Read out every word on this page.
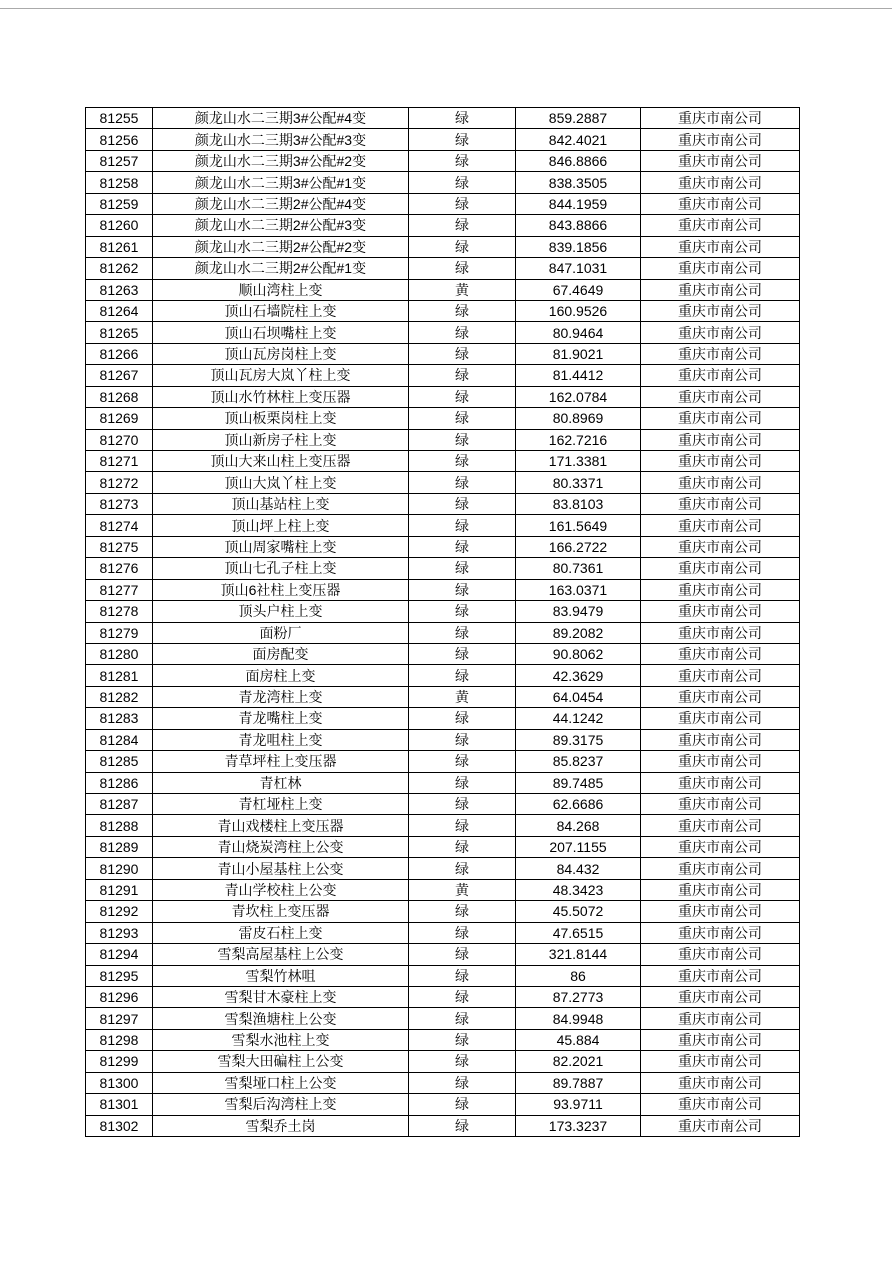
81255	颜龙山水二三期3#公配#4变	绿	859.2887	重庆市南公司
81256	颜龙山水二三期3#公配#3变	绿	842.4021	重庆市南公司
81257	颜龙山水二三期3#公配#2变	绿	846.8866	重庆市南公司
81258	颜龙山水二三期3#公配#1变	绿	838.3505	重庆市南公司
81259	颜龙山水二三期2#公配#4变	绿	844.1959	重庆市南公司
81260	颜龙山水二三期2#公配#3变	绿	843.8866	重庆市南公司
81261	颜龙山水二三期2#公配#2变	绿	839.1856	重庆市南公司
81262	颜龙山水二三期2#公配#1变	绿	847.1031	重庆市南公司
81263	顺山湾柱上变	黄	67.4649	重庆市南公司
81264	顶山石墙院柱上变	绿	160.9526	重庆市南公司
81265	顶山石坝嘴柱上变	绿	80.9464	重庆市南公司
81266	顶山瓦房岗柱上变	绿	81.9021	重庆市南公司
81267	顶山瓦房大岚丫柱上变	绿	81.4412	重庆市南公司
81268	顶山水竹林柱上变压器	绿	162.0784	重庆市南公司
81269	顶山板栗岗柱上变	绿	80.8969	重庆市南公司
81270	顶山新房子柱上变	绿	162.7216	重庆市南公司
81271	顶山大来山柱上变压器	绿	171.3381	重庆市南公司
81272	顶山大岚丫柱上变	绿	80.3371	重庆市南公司
81273	顶山基站柱上变	绿	83.8103	重庆市南公司
81274	顶山坪上柱上变	绿	161.5649	重庆市南公司
81275	顶山周家嘴柱上变	绿	166.2722	重庆市南公司
81276	顶山七孔子柱上变	绿	80.7361	重庆市南公司
81277	顶山6社柱上变压器	绿	163.0371	重庆市南公司
81278	顶头户柱上变	绿	83.9479	重庆市南公司
81279	面粉厂	绿	89.2082	重庆市南公司
81280	面房配变	绿	90.8062	重庆市南公司
81281	面房柱上变	绿	42.3629	重庆市南公司
81282	青龙湾柱上变	黄	64.0454	重庆市南公司
81283	青龙嘴柱上变	绿	44.1242	重庆市南公司
81284	青龙咀柱上变	绿	89.3175	重庆市南公司
81285	青草坪柱上变压器	绿	85.8237	重庆市南公司
81286	青杠林	绿	89.7485	重庆市南公司
81287	青杠垭柱上变	绿	62.6686	重庆市南公司
81288	青山戏楼柱上变压器	绿	84.268	重庆市南公司
81289	青山烧炭湾柱上公变	绿	207.1155	重庆市南公司
81290	青山小屋基柱上公变	绿	84.432	重庆市南公司
81291	青山学校柱上公变	黄	48.3423	重庆市南公司
81292	青坎柱上变压器	绿	45.5072	重庆市南公司
81293	雷皮石柱上变	绿	47.6515	重庆市南公司
81294	雪梨高屋基柱上公变	绿	321.8144	重庆市南公司
81295	雪梨竹林咀	绿	86	重庆市南公司
81296	雪梨甘木豪柱上变	绿	87.2773	重庆市南公司
81297	雪梨渔塘柱上公变	绿	84.9948	重庆市南公司
81298	雪梨水池柱上变	绿	45.884	重庆市南公司
81299	雪梨大田碥柱上公变	绿	82.2021	重庆市南公司
81300	雪梨垭口柱上公变	绿	89.7887	重庆市南公司
81301	雪梨后沟湾柱上变	绿	93.9711	重庆市南公司
81302	雪梨乔土岗	绿	173.3237	重庆市南公司
